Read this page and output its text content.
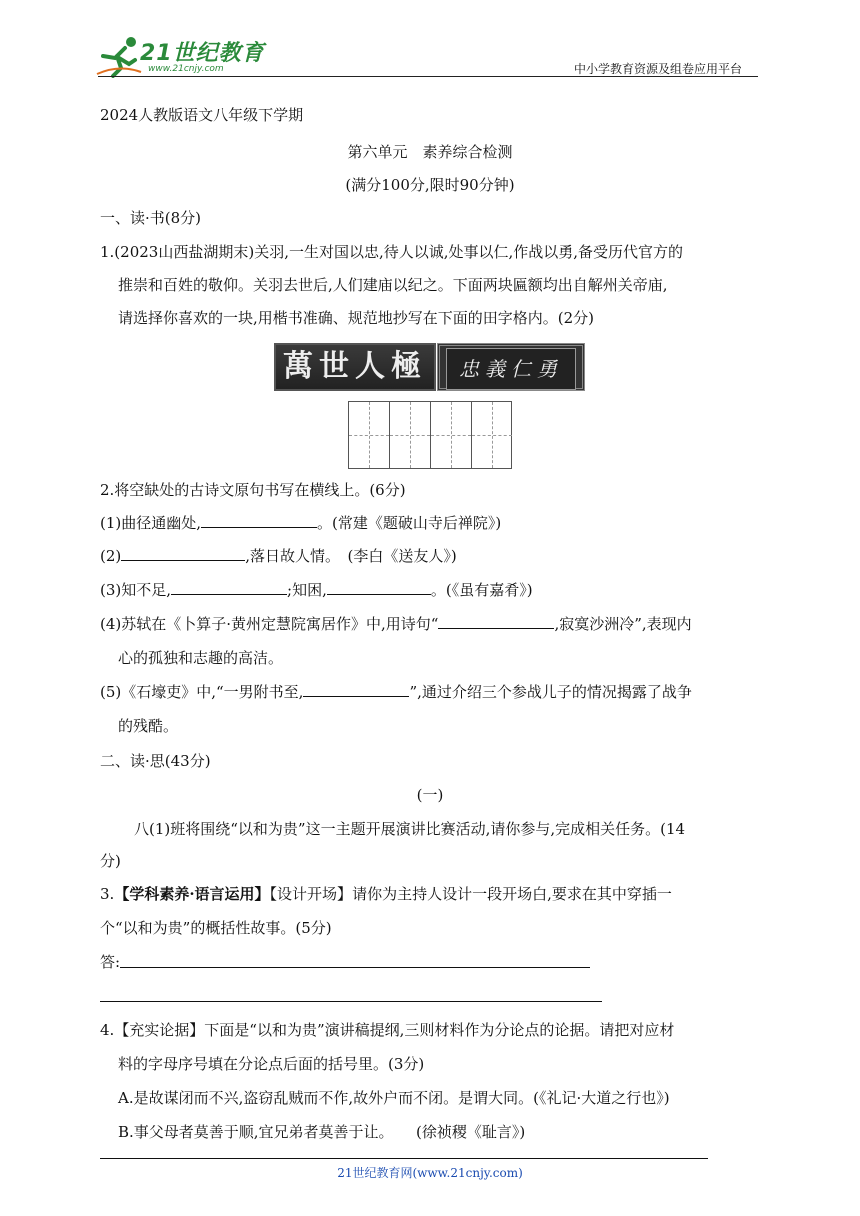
21世纪教育
www.21cnjy.com	中小学教育资源及组卷应用平台
2024人教版语文八年级下学期
第六单元　素养综合检测
(满分100分,限时90分钟)
一、读·书(8分)
1.(2023山西盐湖期末)关羽,一生对国以忠,待人以诚,处事以仁,作战以勇,备受历代官方的
推崇和百姓的敬仰。关羽去世后,人们建庙以纪之。下面两块匾额均出自解州关帝庙,
请选择你喜欢的一块,用楷书准确、规范地抄写在下面的田字格内。(2分)
萬世人極	忠義仁勇
2.将空缺处的古诗文原句书写在横线上。(6分)
(1)曲径通幽处,	。(常建《题破山寺后禅院》)
(2)	,落日故人情。　(李白《送友人》)
(3)知不足,	;知困,	。(《虽有嘉肴》)
(4)苏轼在《卜算子·黄州定慧院寓居作》中,用诗句“	,寂寞沙洲冷”,表现内
心的孤独和志趣的高洁。
(5)《石壕吏》中,“一男附书至,	”,通过介绍三个参战儿子的情况揭露了战争
的残酷。
二、读·思(43分)
(一)
八(1)班将围绕“以和为贵”这一主题开展演讲比赛活动,请你参与,完成相关任务。(14
分)
3.【学科素养·语言运用】【设计开场】请你为主持人设计一段开场白,要求在其中穿插一
个“以和为贵”的概括性故事。(5分)
答:
4.【充实论据】下面是“以和为贵”演讲稿提纲,三则材料作为分论点的论据。请把对应材
料的字母序号填在分论点后面的括号里。(3分)
A.是故谋闭而不兴,盗窃乱贼而不作,故外户而不闭。是谓大同。(《礼记·大道之行也》)
B.事父母者莫善于顺,宜兄弟者莫善于让。　　(徐祯稷《耻言》)
21世纪教育网(www.21cnjy.com)
